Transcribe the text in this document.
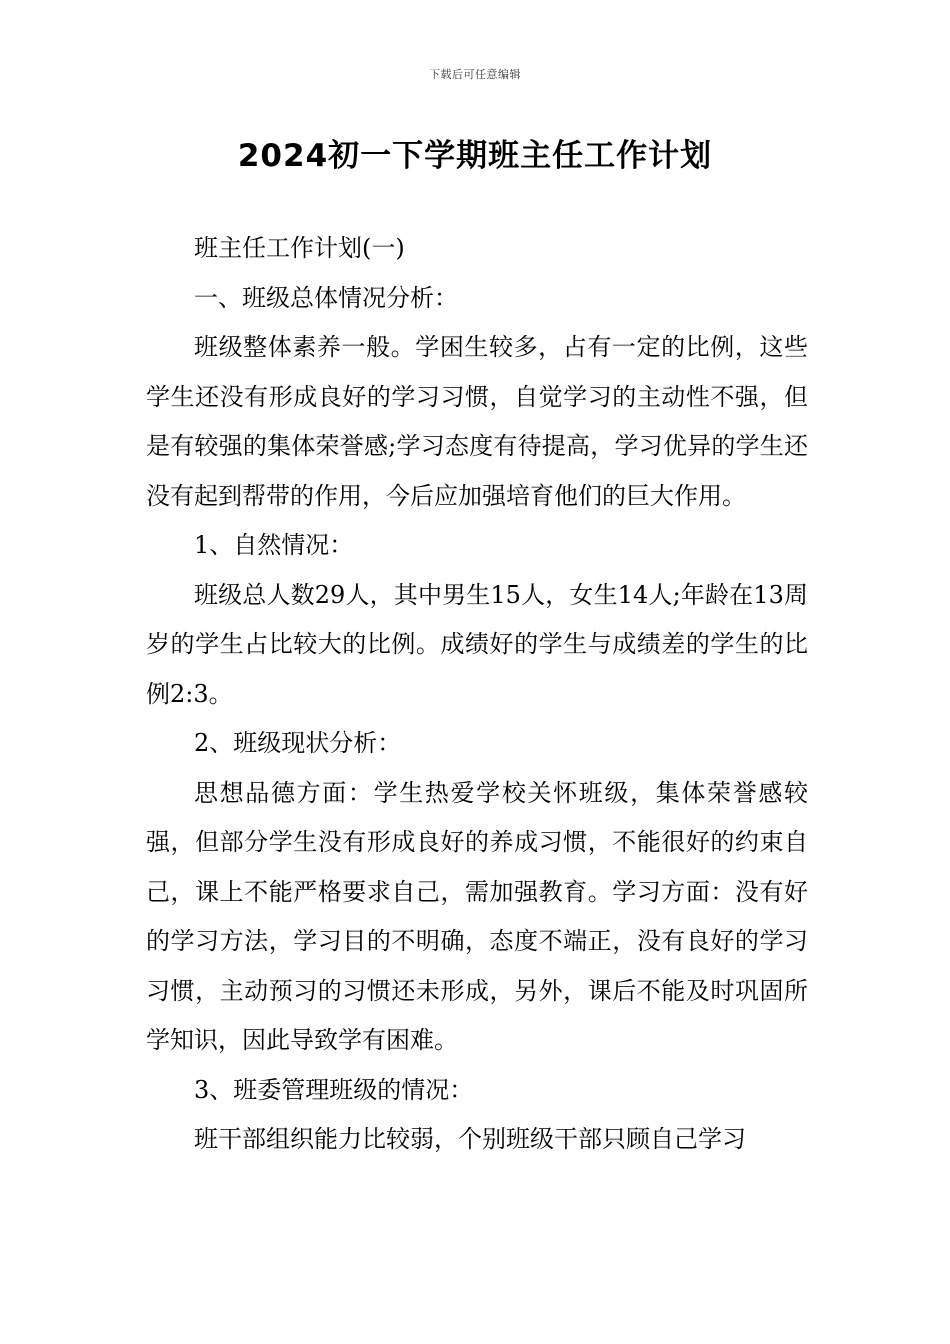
下载后可任意编辑
2024初一下学期班主任工作计划

班主任工作计划(一)

一、班级总体情况分析：

班级整体素养一般。学困生较多，占有一定的比例，这些学生还没有形成良好的学习习惯，自觉学习的主动性不强，但是有较强的集体荣誉感;学习态度有待提高，学习优异的学生还没有起到帮带的作用，今后应加强培育他们的巨大作用。

1、自然情况：

班级总人数29人，其中男生15人，女生14人;年龄在13周岁的学生占比较大的比例。成绩好的学生与成绩差的学生的比例2:3。

2、班级现状分析：

思想品德方面：学生热爱学校关怀班级，集体荣誉感较强，但部分学生没有形成良好的养成习惯，不能很好的约束自己，课上不能严格要求自己，需加强教育。学习方面：没有好的学习方法，学习目的不明确，态度不端正，没有良好的学习习惯，主动预习的习惯还未形成，另外，课后不能及时巩固所学知识，因此导致学有困难。

3、班委管理班级的情况：

班干部组织能力比较弱，个别班级干部只顾自己学习
